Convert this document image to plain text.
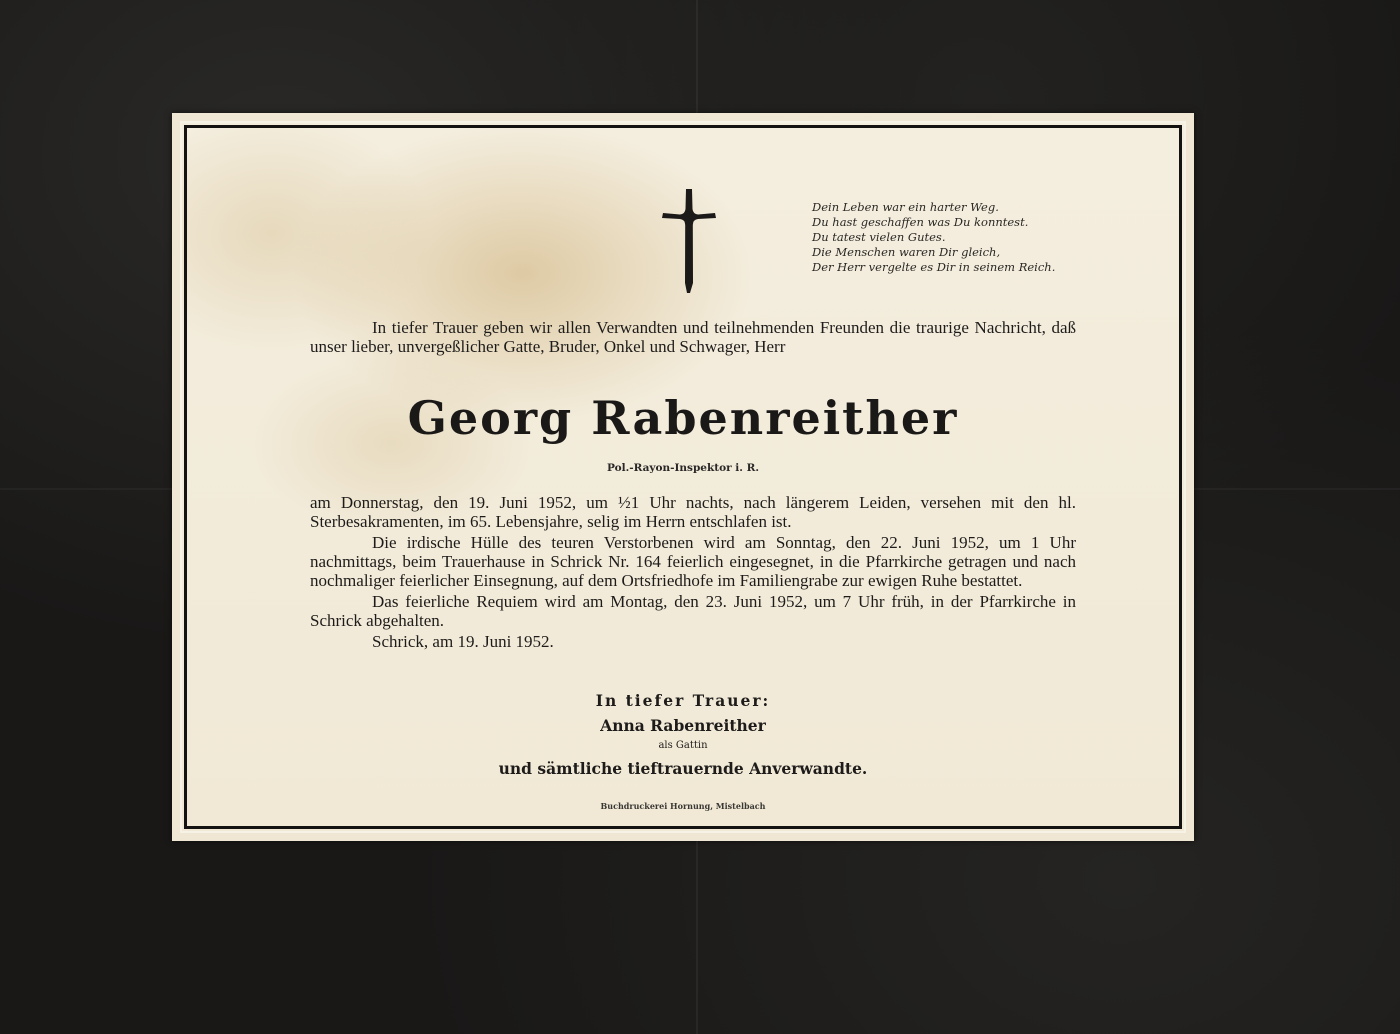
Dein Leben war ein harter Weg.
Du hast geschaffen was Du konntest.
Du tatest vielen Gutes.
Die Menschen waren Dir gleich,
Der Herr vergelte es Dir in seinem Reich.
In tiefer Trauer geben wir allen Verwandten und teilnehmenden Freunden die traurige Nachricht, daß unser lieber, unvergeßlicher Gatte, Bruder, Onkel und Schwager, Herr
Georg Rabenreither
Pol.-Rayon-Inspektor i. R.
am Donnerstag, den 19. Juni 1952, um ½1 Uhr nachts, nach längerem Leiden, versehen mit den hl. Sterbesakramenten, im 65. Lebensjahre, selig im Herrn entschlafen ist.
Die irdische Hülle des teuren Verstorbenen wird am Sonntag, den 22. Juni 1952, um 1 Uhr nachmittags, beim Trauerhause in Schrick Nr. 164 feierlich eingesegnet, in die Pfarrkirche getragen und nach nochmaliger feierlicher Einsegnung, auf dem Ortsfriedhofe im Familiengrabe zur ewigen Ruhe bestattet.
Das feierliche Requiem wird am Montag, den 23. Juni 1952, um 7 Uhr früh, in der Pfarrkirche in Schrick abgehalten.
Schrick, am 19. Juni 1952.
In tiefer Trauer:
Anna Rabenreither
als Gattin
und sämtliche tieftrauernde Anverwandte.
Buchdruckerei Hornung, Mistelbach
